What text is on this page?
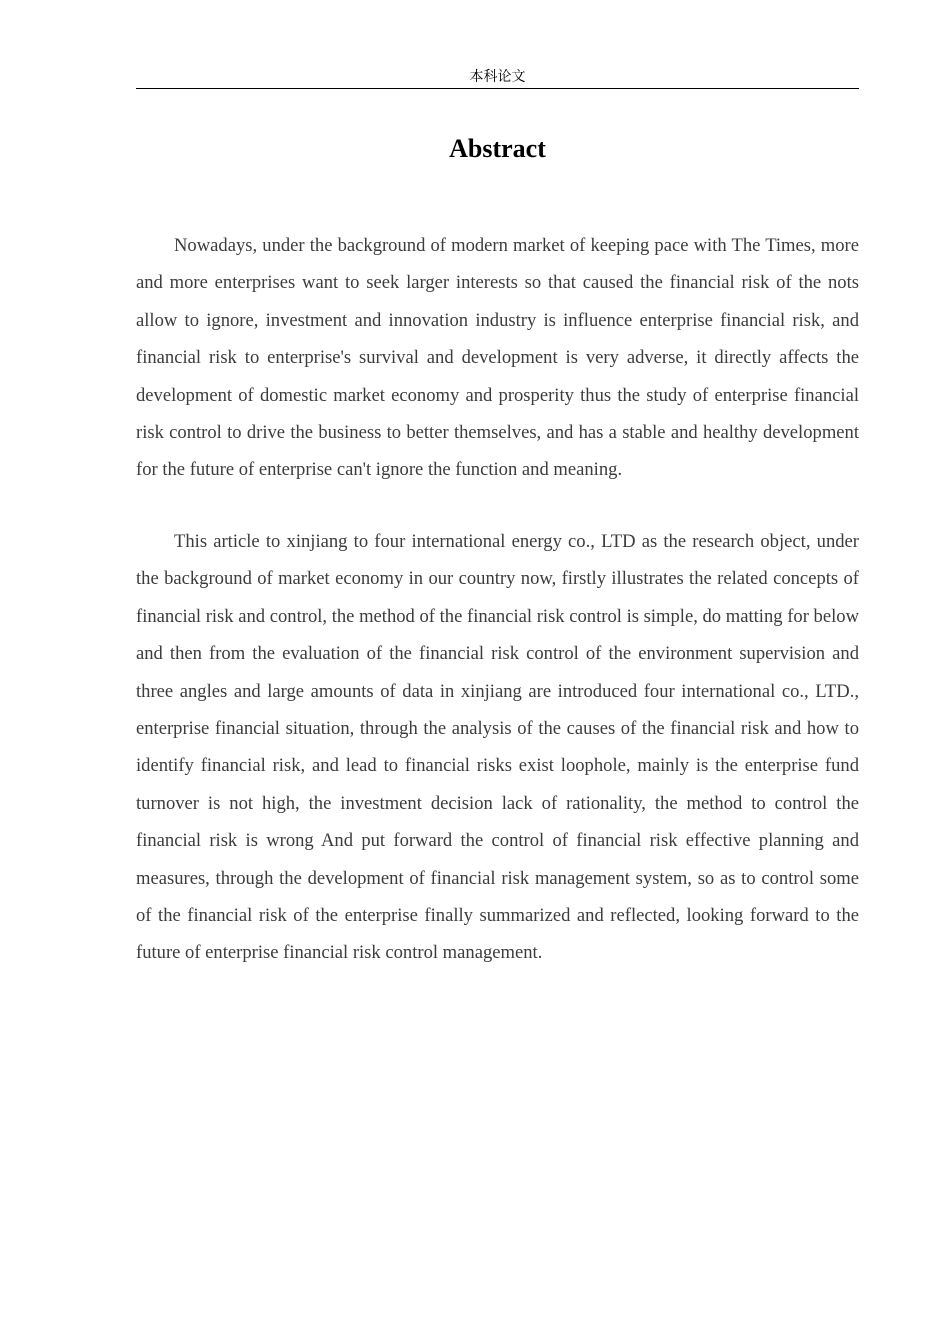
本科论文
Abstract

Nowadays, under the background of modern market of keeping pace with The Times, more and more enterprises want to seek larger interests so that caused the financial risk of the nots allow to ignore, investment and innovation industry is influence enterprise financial risk, and financial risk to enterprise's survival and development is very adverse, it directly affects the development of domestic market economy and prosperity thus the study of enterprise financial risk control to drive the business to better themselves, and has a stable and healthy development for the future of enterprise can't ignore the function and meaning.

This article to xinjiang to four international energy co., LTD as the research object, under the background of market economy in our country now, firstly illustrates the related concepts of financial risk and control, the method of the financial risk control is simple, do matting for below and then from the evaluation of the financial risk control of the environment supervision and three angles and large amounts of data in xinjiang are introduced four international co., LTD., enterprise financial situation, through the analysis of the causes of the financial risk and how to identify financial risk, and lead to financial risks exist loophole, mainly is the enterprise fund turnover is not high, the investment decision lack of rationality, the method to control the financial risk is wrong And put forward the control of financial risk effective planning and measures, through the development of financial risk management system, so as to control some of the financial risk of the enterprise finally summarized and reflected, looking forward to the future of enterprise financial risk control management.
